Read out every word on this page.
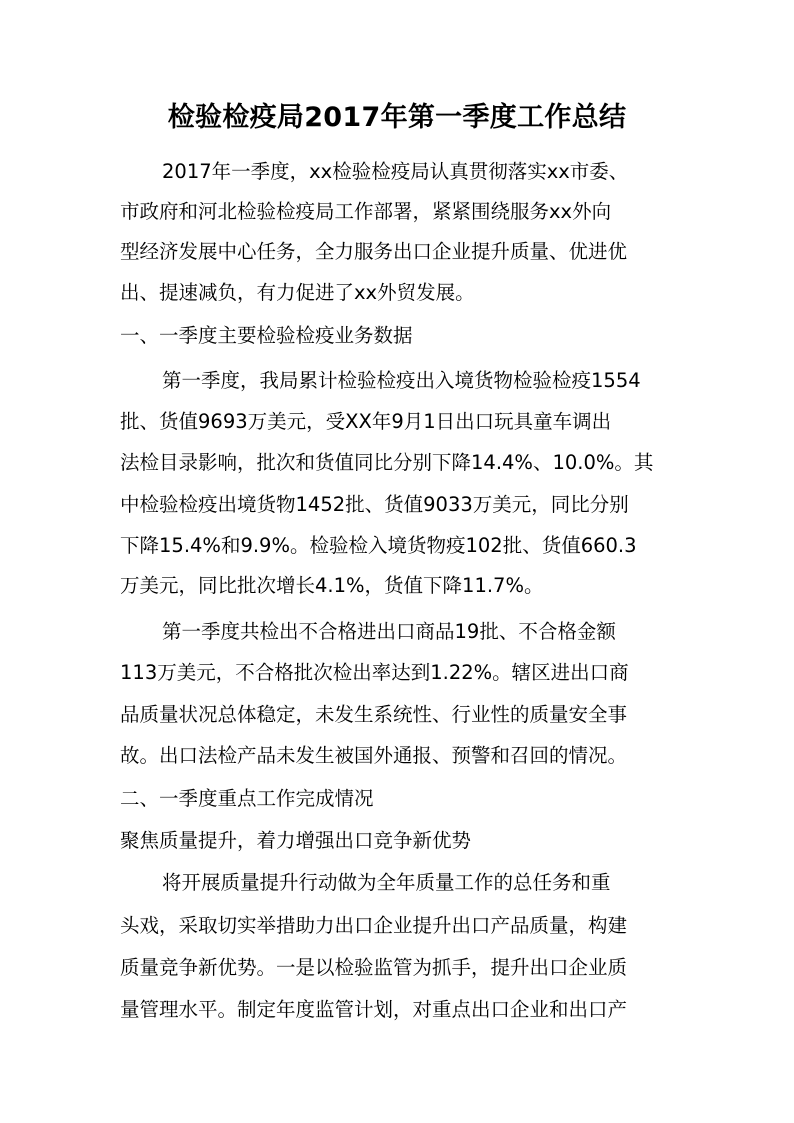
检验检疫局2017年第一季度工作总结

2017年一季度，xx检验检疫局认真贯彻落实xx市委、

市政府和河北检验检疫局工作部署，紧紧围绕服务xx外向

型经济发展中心任务，全力服务出口企业提升质量、优进优

出、提速减负，有力促进了xx外贸发展。

一、一季度主要检验检疫业务数据

第一季度，我局累计检验检疫出入境货物检验检疫1554

批、货值9693万美元，受XX年9月1日出口玩具童车调出

法检目录影响，批次和货值同比分别下降14.4%、10.0%。其

中检验检疫出境货物1452批、货值9033万美元，同比分别

下降15.4%和9.9%。检验检入境货物疫102批、货值660.3

万美元，同比批次增长4.1%，货值下降11.7%。

第一季度共检出不合格进出口商品19批、不合格金额

113万美元，不合格批次检出率达到1.22%。辖区进出口商

品质量状况总体稳定，未发生系统性、行业性的质量安全事

故。出口法检产品未发生被国外通报、预警和召回的情况。

二、一季度重点工作完成情况

聚焦质量提升，着力增强出口竞争新优势

将开展质量提升行动做为全年质量工作的总任务和重

头戏，采取切实举措助力出口企业提升出口产品质量，构建

质量竞争新优势。一是以检验监管为抓手，提升出口企业质

量管理水平。制定年度监管计划，对重点出口企业和出口产
